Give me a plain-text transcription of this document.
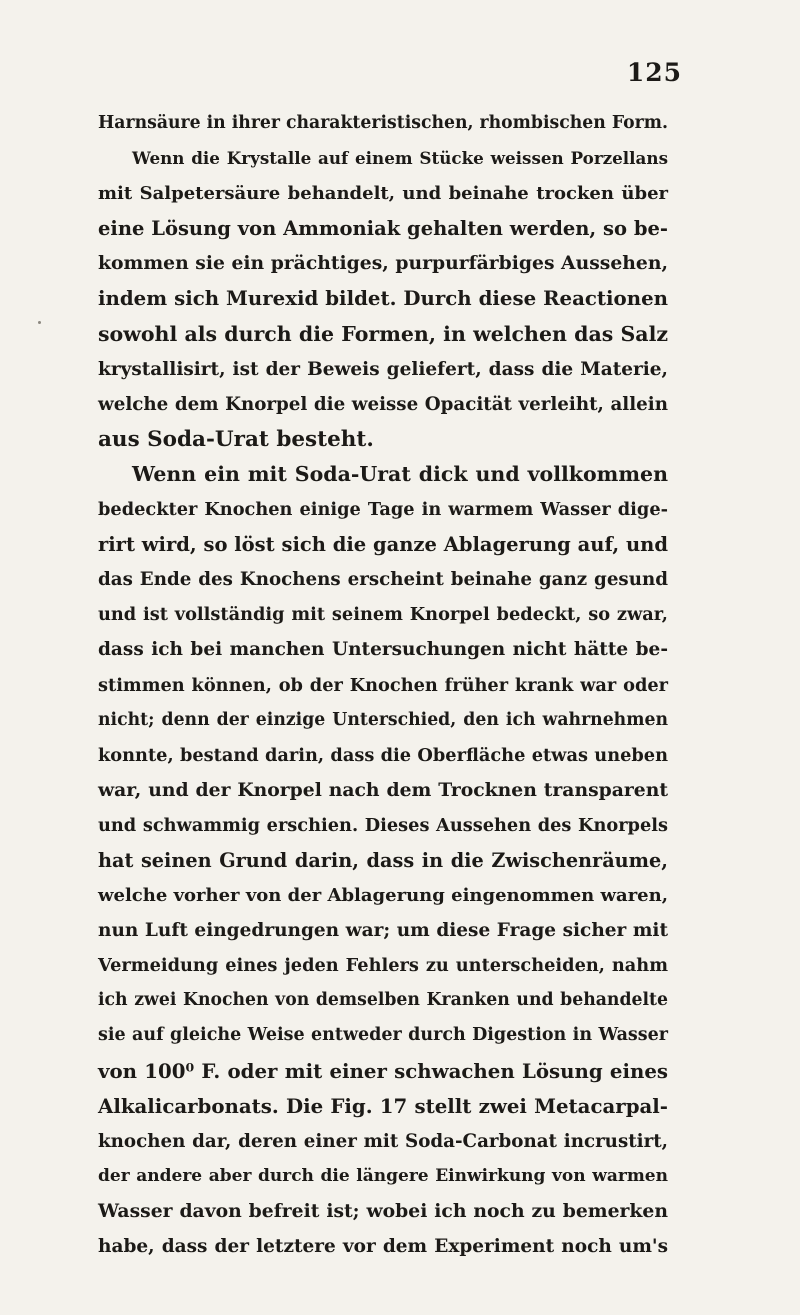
125
Harnsäure in ihrer charakteristischen, rhombischen Form.
Wenn die Krystalle auf einem Stücke weissen Porzellans
mit Salpetersäure behandelt, und beinahe trocken über
eine Lösung von Ammoniak gehalten werden, so be-
kommen sie ein prächtiges, purpurfärbiges Aussehen,
indem sich Murexid bildet. Durch diese Reactionen
sowohl als durch die Formen, in welchen das Salz
krystallisirt, ist der Beweis geliefert, dass die Materie,
welche dem Knorpel die weisse Opacität verleiht, allein
aus Soda-Urat besteht.
Wenn ein mit Soda-Urat dick und vollkommen
bedeckter Knochen einige Tage in warmem Wasser dige-
rirt wird, so löst sich die ganze Ablagerung auf, und
das Ende des Knochens erscheint beinahe ganz gesund
und ist vollständig mit seinem Knorpel bedeckt, so zwar,
dass ich bei manchen Untersuchungen nicht hätte be-
stimmen können, ob der Knochen früher krank war oder
nicht; denn der einzige Unterschied, den ich wahrnehmen
konnte, bestand darin, dass die Oberfläche etwas uneben
war, und der Knorpel nach dem Trocknen transparent
und schwammig erschien. Dieses Aussehen des Knorpels
hat seinen Grund darin, dass in die Zwischenräume,
welche vorher von der Ablagerung eingenommen waren,
nun Luft eingedrungen war; um diese Frage sicher mit
Vermeidung eines jeden Fehlers zu unterscheiden, nahm
ich zwei Knochen von demselben Kranken und behandelte
sie auf gleiche Weise entweder durch Digestion in Wasser
von 100⁰ F. oder mit einer schwachen Lösung eines
Alkalicarbonats. Die Fig. 17 stellt zwei Metacarpal-
knochen dar, deren einer mit Soda-Carbonat incrustirt,
der andere aber durch die längere Einwirkung von warmen
Wasser davon befreit ist; wobei ich noch zu bemerken
habe, dass der letztere vor dem Experiment noch um's
